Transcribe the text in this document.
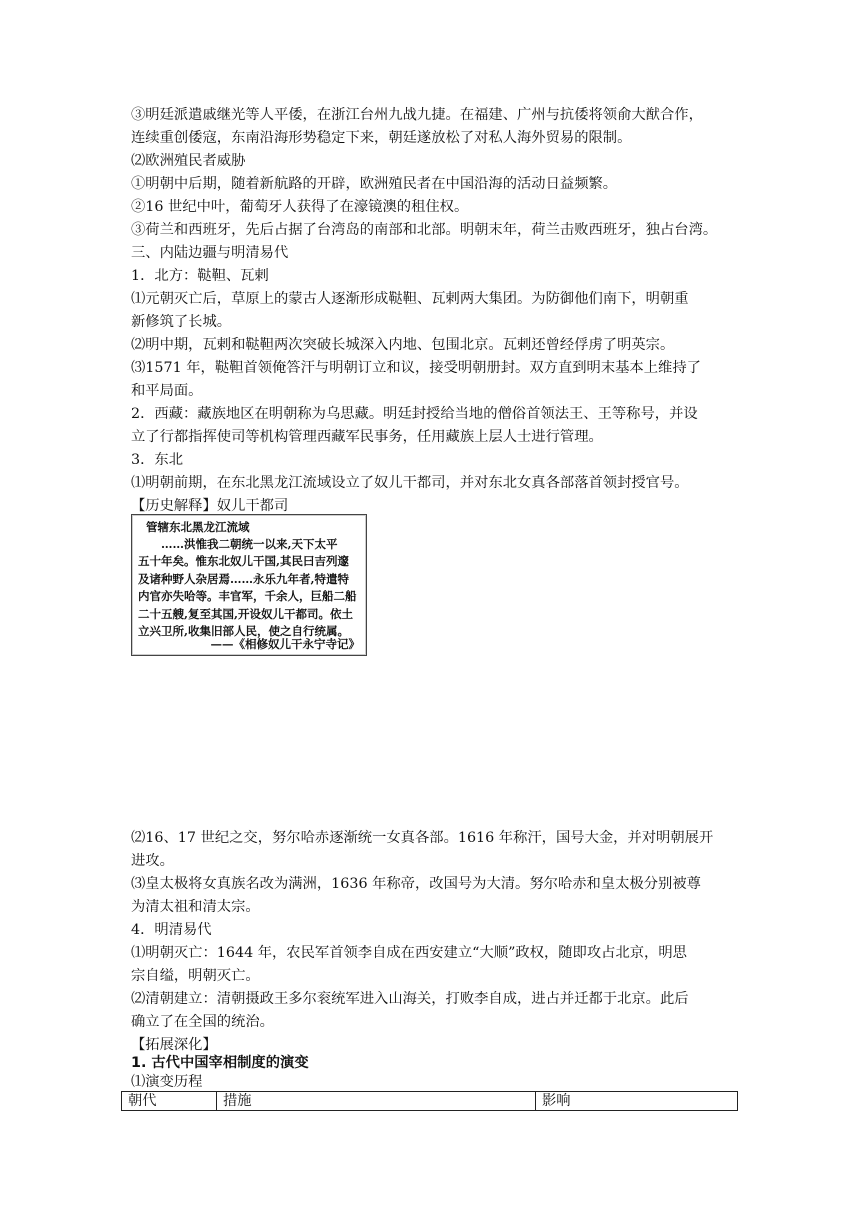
③明廷派遣戚继光等人平倭，在浙江台州九战九捷。在福建、广州与抗倭将领俞大猷合作，
连续重创倭寇，东南沿海形势稳定下来，朝廷遂放松了对私人海外贸易的限制。
⑵欧洲殖民者威胁
①明朝中后期，随着新航路的开辟，欧洲殖民者在中国沿海的活动日益频繁。
②16 世纪中叶，葡萄牙人获得了在濠镜澳的租住权。
③荷兰和西班牙，先后占据了台湾岛的南部和北部。明朝末年，荷兰击败西班牙，独占台湾。
三、内陆边疆与明清易代
1．北方：鞑靼、瓦剌
⑴元朝灭亡后，草原上的蒙古人逐渐形成鞑靼、瓦剌两大集团。为防御他们南下，明朝重
新修筑了长城。
⑵明中期，瓦剌和鞑靼两次突破长城深入内地、包围北京。瓦剌还曾经俘虏了明英宗。
⑶1571 年，鞑靼首领俺答汗与明朝订立和议，接受明朝册封。双方直到明末基本上维持了
和平局面。
2．西藏：藏族地区在明朝称为乌思藏。明廷封授给当地的僧俗首领法王、王等称号，并设
立了行都指挥使司等机构管理西藏军民事务，任用藏族上层人士进行管理。
3．东北
⑴明朝前期，在东北黑龙江流域设立了奴儿干都司，并对东北女真各部落首领封授官号。
【历史解释】奴儿干都司
管辖东北黑龙江流域
　　……洪惟我二朝统一以来,天下太平
五十年矣。惟东北奴儿干国,其民曰吉列邃
及诸种野人杂居焉……永乐九年者,特遣特
内官亦失哈等。丰官军，千余人，巨船二船
二十五艘,复至其国,开设奴儿干都司。依土
立兴卫所,收集旧部人民，使之自行统属。
——《相修奴儿干永宁寺记》
⑵16、17 世纪之交，努尔哈赤逐渐统一女真各部。1616 年称汗，国号大金，并对明朝展开
进攻。
⑶皇太极将女真族名改为满洲，1636 年称帝，改国号为大清。努尔哈赤和皇太极分别被尊
为清太祖和清太宗。
4．明清易代
⑴明朝灭亡：1644 年，农民军首领李自成在西安建立“大顺”政权，随即攻占北京，明思
宗自缢，明朝灭亡。
⑵清朝建立：清朝摄政王多尔衮统军进入山海关，打败李自成，进占并迁都于北京。此后
确立了在全国的统治。
【拓展深化】
1. 古代中国宰相制度的演变
⑴演变历程
朝代	措施	影响
